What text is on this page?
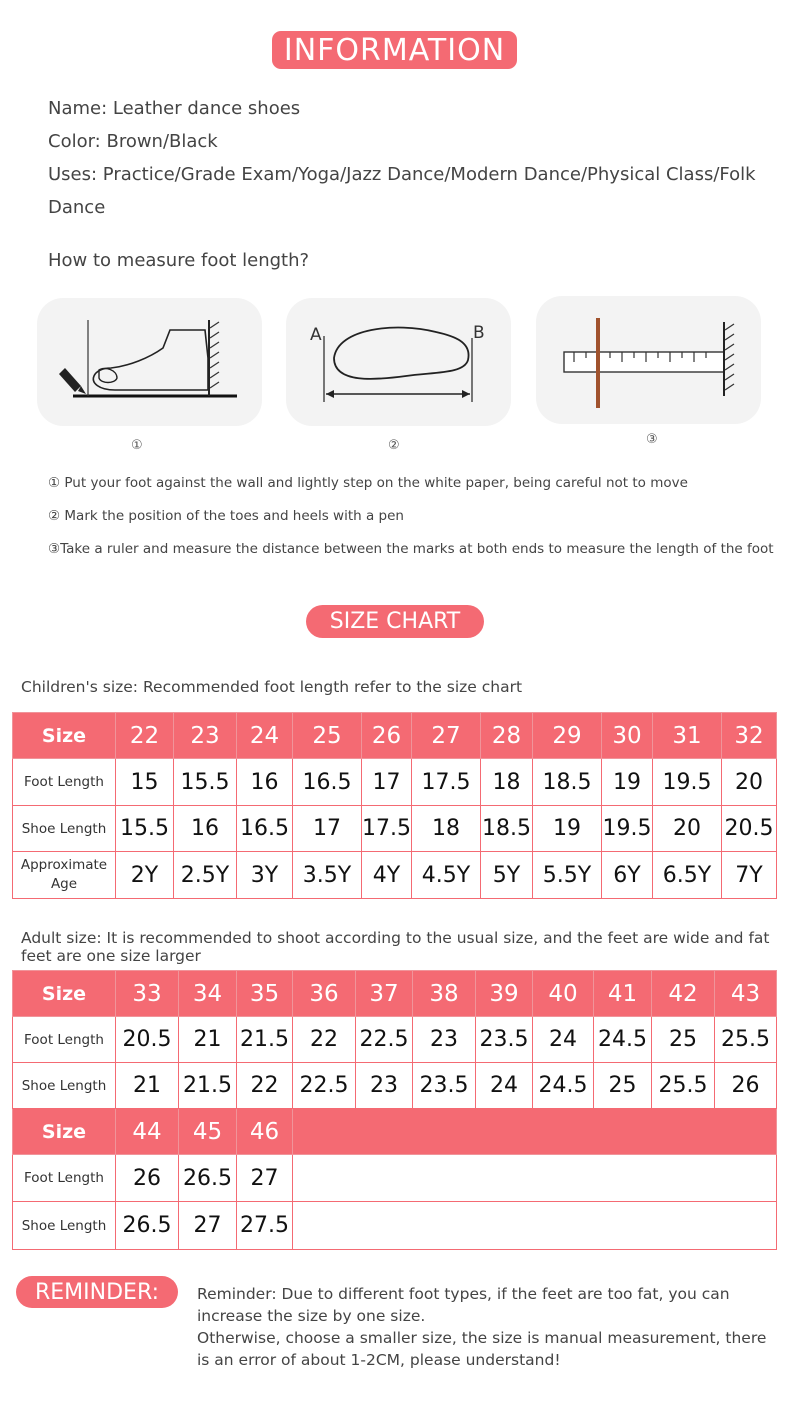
INFORMATION
Name: Leather dance shoes
Color: Brown/Black
Uses: Practice/Grade Exam/Yoga/Jazz Dance/Modern Dance/Physical Class/Folk
Dance
How to measure foot length?
①
A	B
②	③
① Put your foot against the wall and lightly step on the white paper, being careful not to move
② Mark the position of the toes and heels with a pen
③Take a ruler and measure the distance between the marks at both ends to measure the length of the foot
SIZE CHART
Children's size: Recommended foot length refer to the size chart
Size	22	23	24	25	26	27	28	29	30	31	32
Foot Length	15	15.5	16	16.5	17	17.5	18	18.5	19	19.5	20
Shoe Length	15.5	16	16.5	17	17.5	18	18.5	19	19.5	20	20.5

Approximate
Age	2Y	2.5Y	3Y	3.5Y	4Y	4.5Y	5Y	5.5Y	6Y	6.5Y	7Y
Adult size: It is recommended to shoot according to the usual size, and the feet are wide and fat feet are one size larger
Size	33	34	35	36	37	38	39	40	41	42	43
Foot Length	20.5	21	21.5	22	22.5	23	23.5	24	24.5	25	25.5
Shoe Length	21	21.5	22	22.5	23	23.5	24	24.5	25	25.5	26
Size	44	45	46								
Foot Length	26	26.5	27								
Shoe Length	26.5	27	27.5								
REMINDER:	Reminder: Due to different foot types, if the feet are too fat, you can increase the size by one size.
Otherwise, choose a smaller size, the size is manual measurement, there is an error of about 1-2CM, please understand!
